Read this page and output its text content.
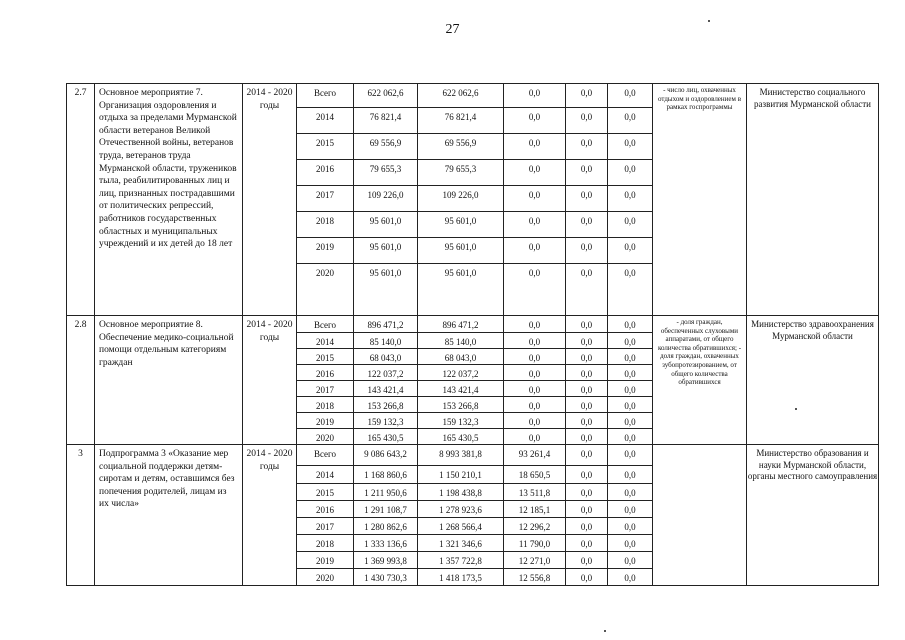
27
2.7	Основное мероприятие 7. Организация оздоровления и отдыха за пределами Мурманской области ветеранов Великой Отечественной войны, ветеранов труда, ветеранов труда Мурманской области, тружеников тыла, реабилитированных лиц и лиц, признанных пострадавшими от политических репрессий, работников государственных областных и муниципальных учреждений и их детей до 18 лет	2014 - 2020 годы	Всего	622 062,6	622 062,6	0,0	0,0	0,0	- число лиц, охваченных отдыхом и оздоровлением в рамках госпрограммы	Министерство социального развития Мурманской области
			2014	76 821,4	76 821,4	0,0	0,0	0,0		
			2015	69 556,9	69 556,9	0,0	0,0	0,0		
			2016	79 655,3	79 655,3	0,0	0,0	0,0		
			2017	109 226,0	109 226,0	0,0	0,0	0,0		
			2018	95 601,0	95 601,0	0,0	0,0	0,0		
			2019	95 601,0	95 601,0	0,0	0,0	0,0		
			2020	95 601,0	95 601,0	0,0	0,0	0,0		
2.8	Основное мероприятие 8. Обеспечение медико-социальной помощи отдельным категориям граждан	2014 - 2020 годы	Всего	896 471,2	896 471,2	0,0	0,0	0,0	- доля граждан, обеспеченных слуховыми аппаратами, от общего количества обратившихся; - доля граждан, охваченных зубопротезированием, от общего количества обратившихся	Министерство здравоохранения Мурманской области
			2014	85 140,0	85 140,0	0,0	0,0	0,0		
			2015	68 043,0	68 043,0	0,0	0,0	0,0		
			2016	122 037,2	122 037,2	0,0	0,0	0,0		
			2017	143 421,4	143 421,4	0,0	0,0	0,0		
			2018	153 266,8	153 266,8	0,0	0,0	0,0		
			2019	159 132,3	159 132,3	0,0	0,0	0,0		
			2020	165 430,5	165 430,5	0,0	0,0	0,0		
3	Подпрограмма 3 «Оказание мер социальной поддержки детям-сиротам и детям, оставшимся без попечения родителей, лицам из их числа»	2014 - 2020 годы	Всего	9 086 643,2	8 993 381,8	93 261,4	0,0	0,0		Министерство образования и науки Мурманской области, органы местного самоуправления
			2014	1 168 860,6	1 150 210,1	18 650,5	0,0	0,0		
			2015	1 211 950,6	1 198 438,8	13 511,8	0,0	0,0		
			2016	1 291 108,7	1 278 923,6	12 185,1	0,0	0,0		
			2017	1 280 862,6	1 268 566,4	12 296,2	0,0	0,0		
			2018	1 333 136,6	1 321 346,6	11 790,0	0,0	0,0		
			2019	1 369 993,8	1 357 722,8	12 271,0	0,0	0,0		
			2020	1 430 730,3	1 418 173,5	12 556,8	0,0	0,0		
